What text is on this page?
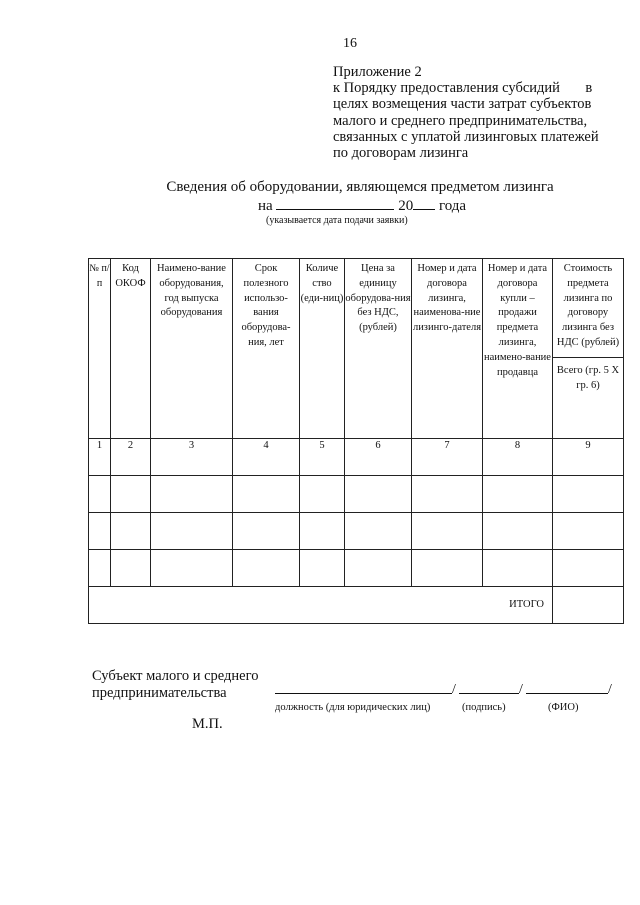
16
Приложение 2
к Порядку предоставления субсидий       в
целях возмещения части затрат субъектов
малого и среднего предпринимательства,
связанных с уплатой лизинговых платежей
по договорам лизинга
Сведения об оборудовании, являющемся предметом лизинга
на	20 года
(указывается дата подачи заявки)
№ п/п	Код ОКОФ	Наимено-вание оборудования, год выпуска оборудования	Срок полезного использо-вания оборудова-ния, лет	Количе ство (еди-ниц)	Цена за единицу оборудова-ния без НДС, (рублей)	Номер и дата договора лизинга, наименова-ние лизинго-дателя	Номер и дата договора купли – продажи предмета лизинга, наимено-вание продавца	Стоимость предмета лизинга по договору лизинга без НДС (рублей)
Всего (гр. 5 Х гр. 6)

1	2	3	4	5	6	7	8	9

ИТОГО								
Субъект малого и среднего
предпринимательства	/	/	/
должность (для юридических лиц)	(подпись)	(ФИО)
М.П.
